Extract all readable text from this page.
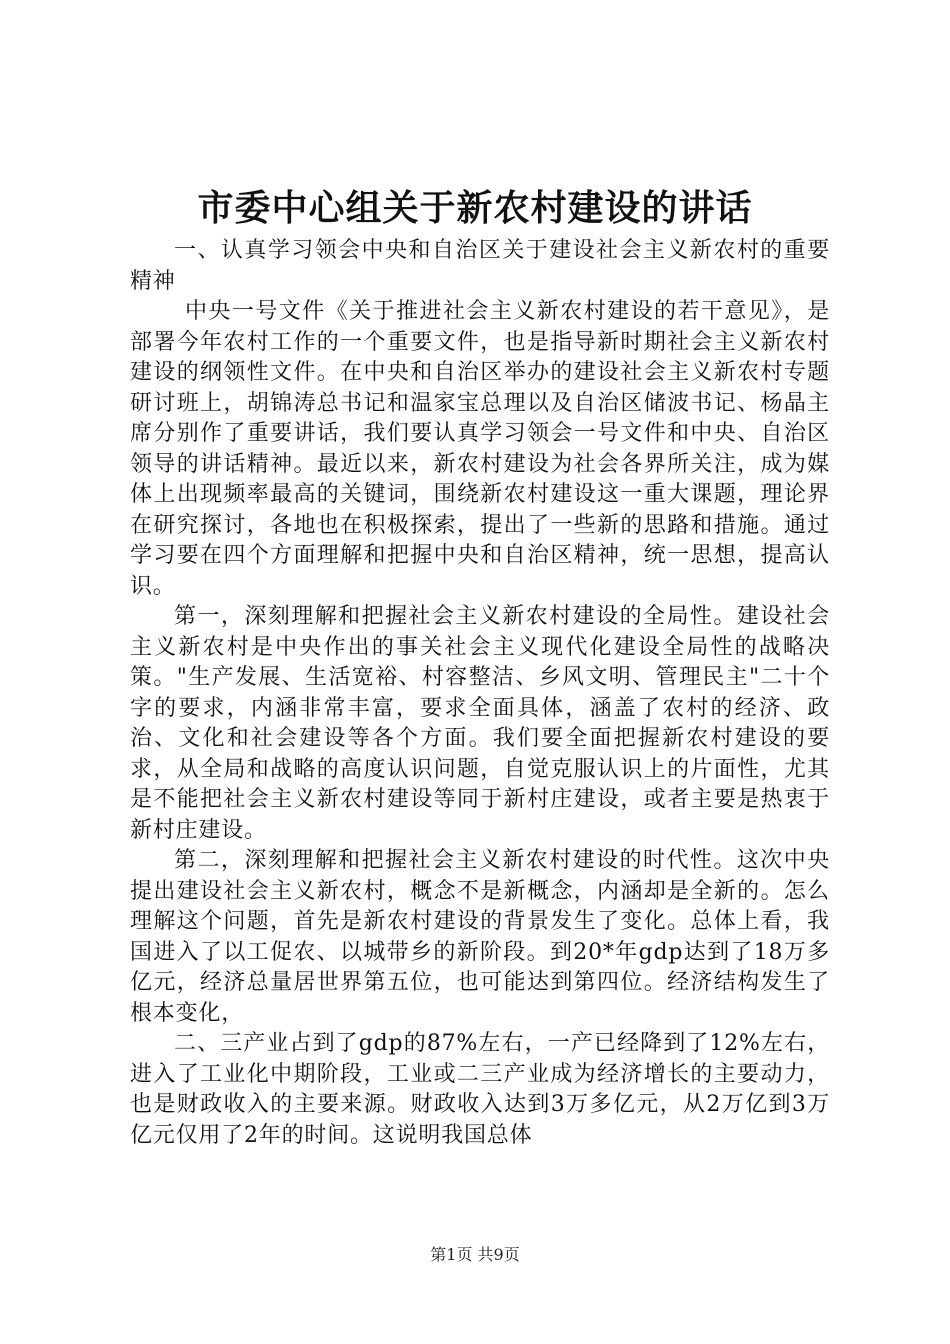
市委中心组关于新农村建设的讲话

一、认真学习领会中央和自治区关于建设社会主义新农村的重要精神

中央一号文件《关于推进社会主义新农村建设的若干意见》，是部署今年农村工作的一个重要文件，也是指导新时期社会主义新农村建设的纲领性文件。在中央和自治区举办的建设社会主义新农村专题研讨班上，胡锦涛总书记和温家宝总理以及自治区储波书记、杨晶主席分别作了重要讲话，我们要认真学习领会一号文件和中央、自治区领导的讲话精神。最近以来，新农村建设为社会各界所关注，成为媒体上出现频率最高的关键词，围绕新农村建设这一重大课题，理论界在研究探讨，各地也在积极探索，提出了一些新的思路和措施。通过学习要在四个方面理解和把握中央和自治区精神，统一思想，提高认识。

第一，深刻理解和把握社会主义新农村建设的全局性。建设社会主义新农村是中央作出的事关社会主义现代化建设全局性的战略决策。"生产发展、生活宽裕、村容整洁、乡风文明、管理民主"二十个字的要求，内涵非常丰富，要求全面具体，涵盖了农村的经济、政治、文化和社会建设等各个方面。我们要全面把握新农村建设的要求，从全局和战略的高度认识问题，自觉克服认识上的片面性，尤其是不能把社会主义新农村建设等同于新村庄建设，或者主要是热衷于新村庄建设。

第二，深刻理解和把握社会主义新农村建设的时代性。这次中央提出建设社会主义新农村，概念不是新概念，内涵却是全新的。怎么理解这个问题，首先是新农村建设的背景发生了变化。总体上看，我国进入了以工促农、以城带乡的新阶段。到20*年gdp达到了18万多亿元，经济总量居世界第五位，也可能达到第四位。经济结构发生了根本变化，

二、三产业占到了gdp的87%左右，一产已经降到了12%左右，进入了工业化中期阶段，工业或二三产业成为经济增长的主要动力，也是财政收入的主要来源。财政收入达到3万多亿元，从2万亿到3万亿元仅用了2年的时间。这说明我国总体

第1页 共9页
